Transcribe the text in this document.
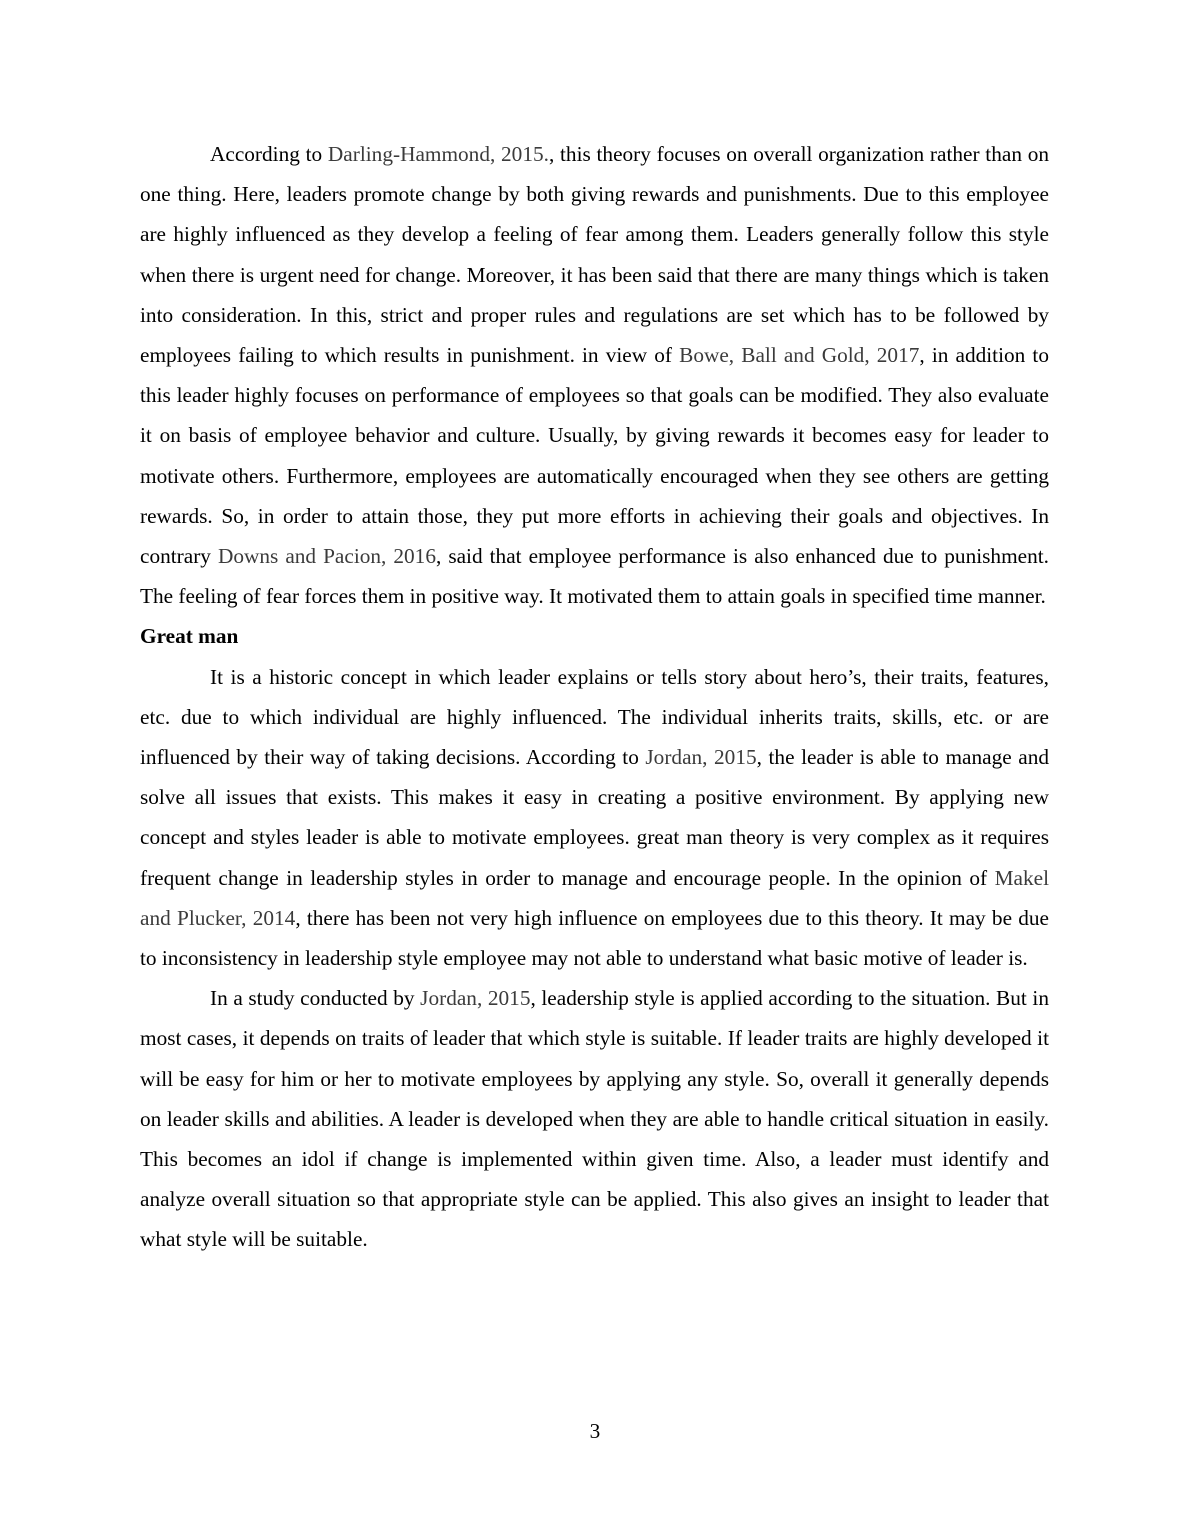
According to Darling-Hammond, 2015., this theory focuses on overall organization rather than on one thing. Here, leaders promote change by both giving rewards and punishments. Due to this employee are highly influenced as they develop a feeling of fear among them. Leaders generally follow this style when there is urgent need for change. Moreover, it has been said that there are many things which is taken into consideration. In this, strict and proper rules and regulations are set which has to be followed by employees failing to which results in punishment. in view of Bowe, Ball and Gold, 2017, in addition to this leader highly focuses on performance of employees so that goals can be modified. They also evaluate it on basis of employee behavior and culture. Usually, by giving rewards it becomes easy for leader to motivate others. Furthermore, employees are automatically encouraged when they see others are getting rewards. So, in order to attain those, they put more efforts in achieving their goals and objectives. In contrary Downs and Pacion, 2016, said that employee performance is also enhanced due to punishment. The feeling of fear forces them in positive way. It motivated them to attain goals in specified time manner.

Great man

It is a historic concept in which leader explains or tells story about hero’s, their traits, features, etc. due to which individual are highly influenced. The individual inherits traits, skills, etc. or are influenced by their way of taking decisions. According to Jordan, 2015, the leader is able to manage and solve all issues that exists. This makes it easy in creating a positive environment. By applying new concept and styles leader is able to motivate employees. great man theory is very complex as it requires frequent change in leadership styles in order to manage and encourage people. In the opinion of Makel and Plucker, 2014, there has been not very high influence on employees due to this theory. It may be due to inconsistency in leadership style employee may not able to understand what basic motive of leader is.

In a study conducted by Jordan, 2015, leadership style is applied according to the situation. But in most cases, it depends on traits of leader that which style is suitable. If leader traits are highly developed it will be easy for him or her to motivate employees by applying any style. So, overall it generally depends on leader skills and abilities. A leader is developed when they are able to handle critical situation in easily. This becomes an idol if change is implemented within given time. Also, a leader must identify and analyze overall situation so that appropriate style can be applied. This also gives an insight to leader that what style will be suitable.

3
